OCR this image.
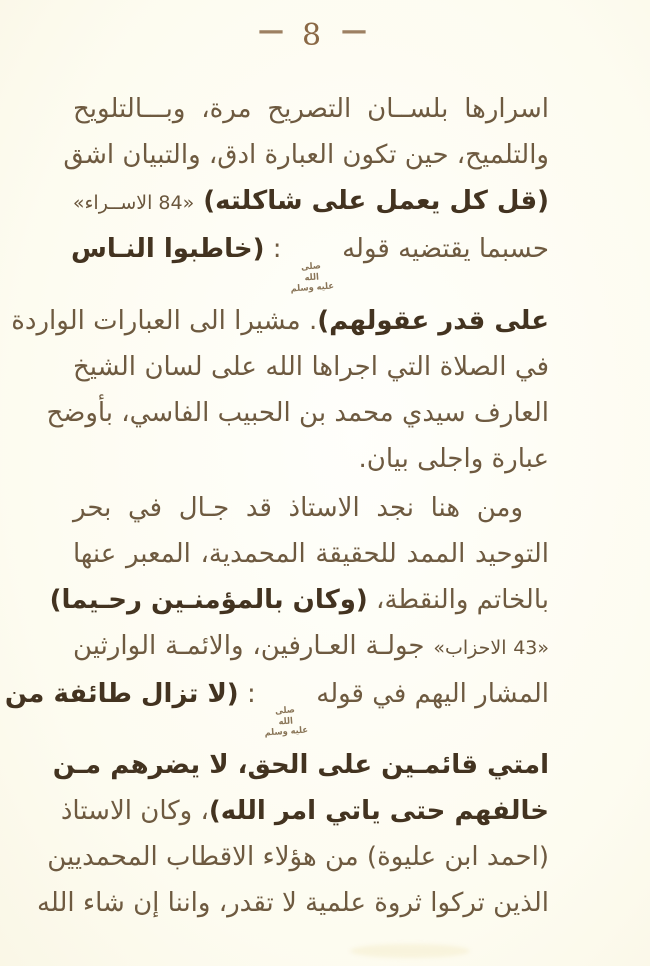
— 8 —
اسرارها بلســان التصريح مرة، وبـــالتلويح
والتلميح، حين تكون العبارة ادق، والتبيان اشق
(قل كل يعمل على شاكلته) «84 الاســراء»
حسبما يقتضيه قوله
صلى
الله
عليه وسلم
: (خاطبوا النـاس
على قدر عقولهم). مشيرا الى العبارات الواردة
في الصلاة التي اجراها الله على لسان الشيخ
العارف سيدي محمد بن الحبيب الفاسي، بأوضح
عبارة واجلى بيان.
ومن هنا نجد الاستاذ قد جـال في بحر
التوحيد الممد للحقيقة المحمدية، المعبر عنها
بالخاتم والنقطة، (وكان بالمؤمنـين رحـيما)
«43 الاحزاب» جولـة العـارفين، والائمـة الوارثين
المشار اليهم في قوله
صلى
الله
عليه وسلم
: (لا تزال طائفة من
امتي قائمـين على الحق، لا يضرهم مـن
خالفهم حتى ياتي امر الله)، وكان الاستاذ
(احمد ابن عليوة) من هؤلاء الاقطاب المحمديين
الذين تركوا ثروة علمية لا تقدر، واننا إن شاء الله
